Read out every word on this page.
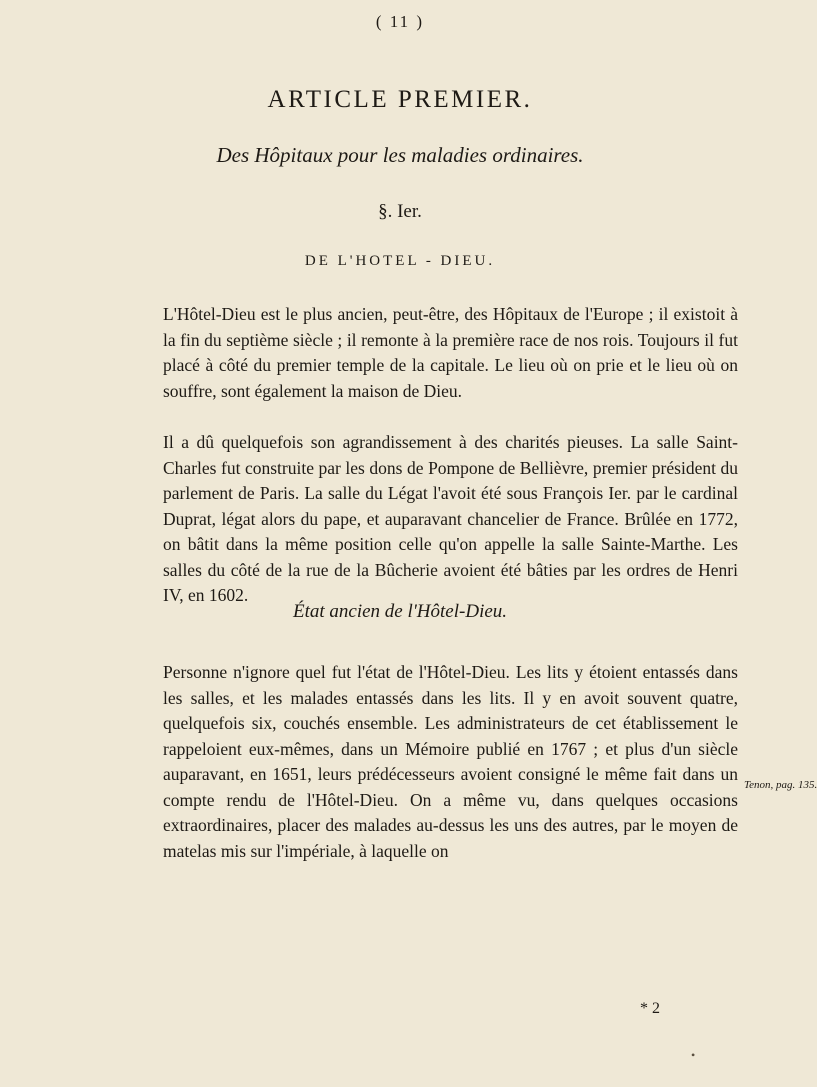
( 11 )
ARTICLE PREMIER.
Des Hôpitaux pour les maladies ordinaires.
§. Ier.
DE L'HOTEL - DIEU.

L'Hôtel-Dieu est le plus ancien, peut-être, des Hôpitaux de l'Europe ; il existoit à la fin du septième siècle ; il remonte à la première race de nos rois. Toujours il fut placé à côté du premier temple de la capitale. Le lieu où on prie et le lieu où on souffre, sont également la maison de Dieu.

Il a dû quelquefois son agrandissement à des charités pieuses. La salle Saint-Charles fut construite par les dons de Pompone de Bellièvre, premier président du parlement de Paris. La salle du Légat l'avoit été sous François Ier. par le cardinal Duprat, légat alors du pape, et auparavant chancelier de France. Brûlée en 1772, on bâtit dans la même position celle qu'on appelle la salle Sainte-Marthe. Les salles du côté de la rue de la Bûcherie avoient été bâties par les ordres de Henri IV, en 1602.

État ancien de l'Hôtel-Dieu.

Personne n'ignore quel fut l'état de l'Hôtel-Dieu. Les lits y étoient entassés dans les salles, et les malades entassés dans les lits. Il y en avoit souvent quatre, quelquefois six, couchés ensemble. Les administrateurs de cet établissement le rappeloient eux-mêmes, dans un Mémoire publié en 1767 ; et plus d'un siècle auparavant, en 1651, leurs prédécesseurs avoient consigné le même fait dans un compte rendu de l'Hôtel-Dieu. On a même vu, dans quelques occasions extraordinaires, placer des malades au-dessus les uns des autres, par le moyen de matelas mis sur l'impériale, à laquelle on

Tenon, pag. 135.
* 2
•
